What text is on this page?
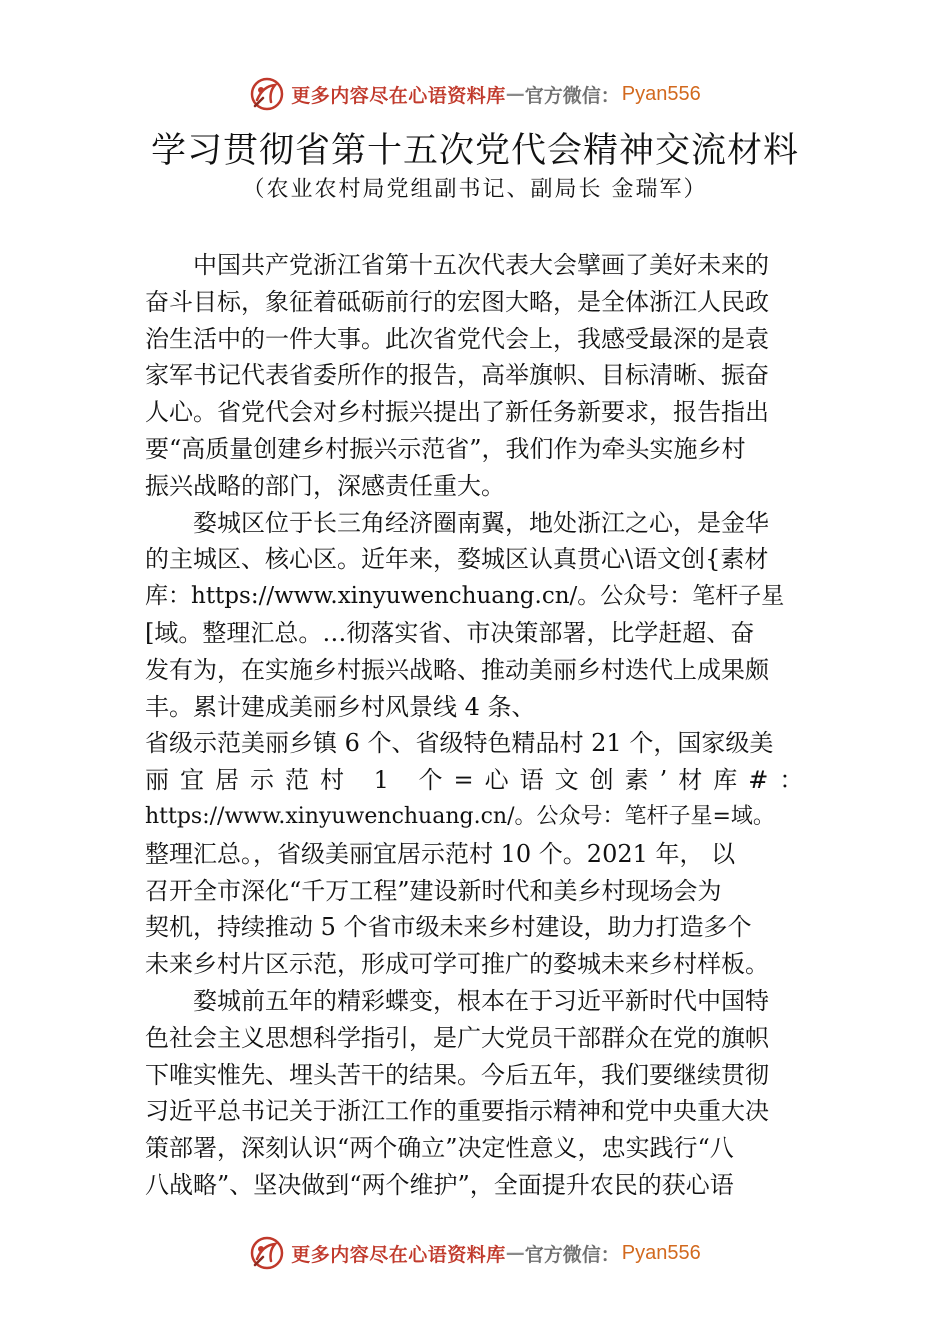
更多内容尽在心语资料库 — 官方微信： Pyan556
学习贯彻省第十五次党代会精神交流材料
（农业农村局党组副书记、副局长 金瑞军）
中国共产党浙江省第十五次代表大会擘画了美好未来的
奋斗目标，象征着砥砺前行的宏图大略，是全体浙江人民政
治生活中的一件大事。此次省党代会上，我感受最深的是袁
家军书记代表省委所作的报告，高举旗帜、目标清晰、振奋
人心。省党代会对乡村振兴提出了新任务新要求，报告指出
要“高质量创建乡村振兴示范省”，我们作为牵头实施乡村
振兴战略的部门，深感责任重大。
婺城区位于长三角经济圈南翼，地处浙江之心，是金华
的主城区、核心区。近年来，婺城区认真贯心\语文创{素材
库：https://www.xinyuwenchuang.cn/。公众号：笔杆子星
[域。整理汇总。…彻落实省、市决策部署，比学赶超、奋
发有为，在实施乡村振兴战略、推动美丽乡村迭代上成果颇
丰。累计建成美丽乡村风景线 4 条、
省级示范美丽乡镇 6 个、省级特色精品村 21 个，国家级美
丽宜居示范村 1 个=心语文创素’材库#：
https://www.xinyuwenchuang.cn/。公众号：笔杆子星=域。
整理汇总。，省级美丽宜居示范村 10 个。2021 年， 以
召开全市深化“千万工程”建设新时代和美乡村现场会为
契机，持续推动 5 个省市级未来乡村建设，助力打造多个
未来乡村片区示范，形成可学可推广的婺城未来乡村样板。
婺城前五年的精彩蝶变，根本在于习近平新时代中国特
色社会主义思想科学指引，是广大党员干部群众在党的旗帜
下唯实惟先、埋头苦干的结果。今后五年，我们要继续贯彻
习近平总书记关于浙江工作的重要指示精神和党中央重大决
策部署，深刻认识“两个确立”决定性意义，忠实践行“八
八战略”、坚决做到“两个维护”，全面提升农民的获心语
更多内容尽在心语资料库 — 官方微信： Pyan556
